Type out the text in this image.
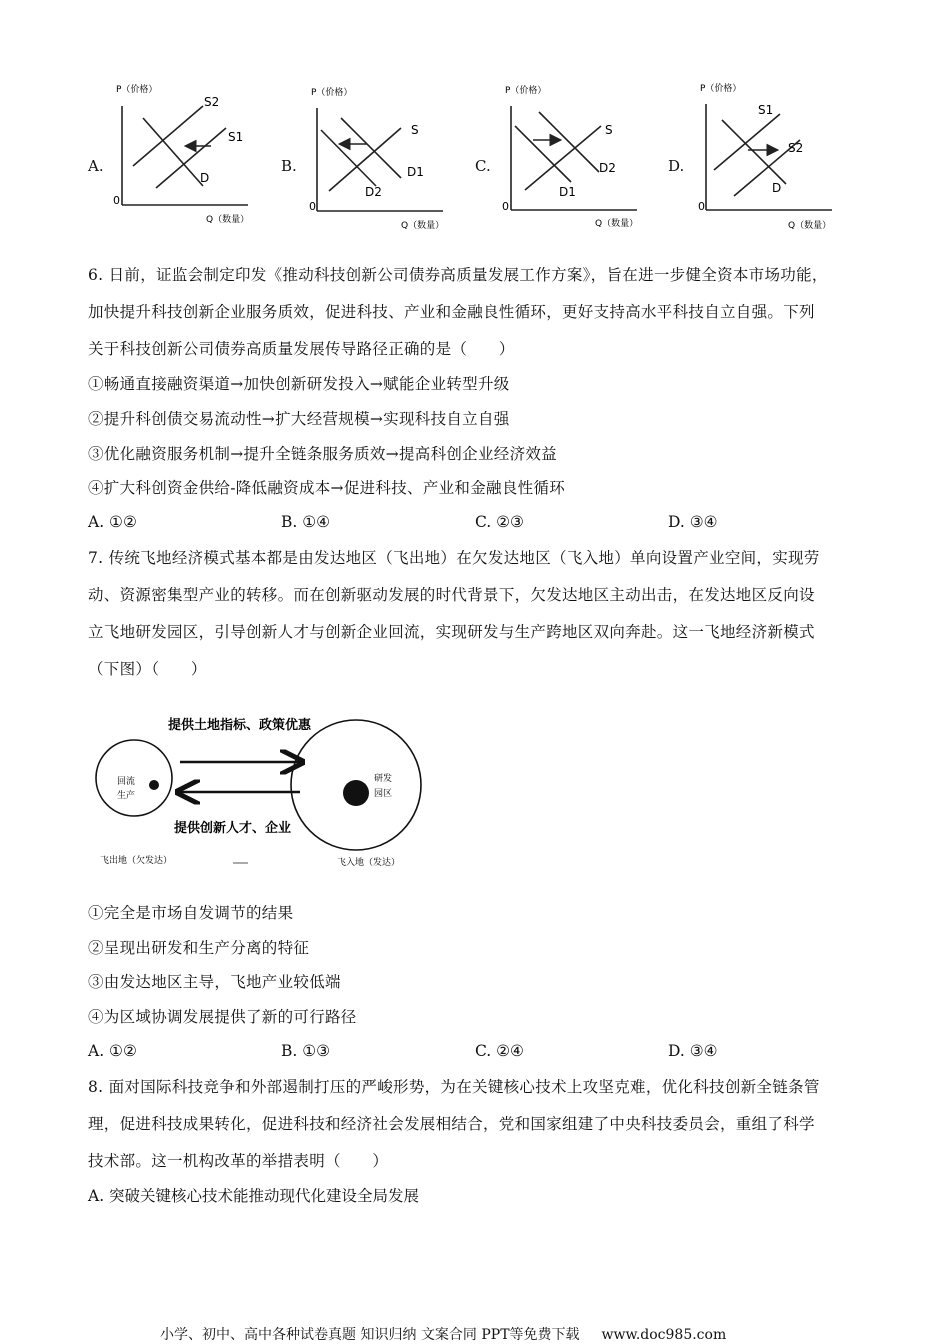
A.
P（价格）
0
Q（数量）
S2
S1
D
B.
P（价格）
0
Q（数量）
S
D1
D2
C.
P（价格）
0
Q（数量）
S
D2
D1
D.
P（价格）
0
Q（数量）
S1
S2
D
6. 日前，证监会制定印发《推动科技创新公司债券高质量发展工作方案》，旨在进一步健全资本市场功能，
加快提升科技创新企业服务质效，促进科技、产业和金融良性循环，更好支持高水平科技自立自强。下列
关于科技创新公司债券高质量发展传导路径正确的是（　　）
①畅通直接融资渠道→加快创新研发投入→赋能企业转型升级
②提升科创债交易流动性→扩大经营规模→实现科技自立自强
③优化融资服务机制→提升全链条服务质效→提高科创企业经济效益
④扩大科创资金供给-降低融资成本→促进科技、产业和金融良性循环
A. ①②	B. ①④	C. ②③	D. ③④
7. 传统飞地经济模式基本都是由发达地区（飞出地）在欠发达地区（飞入地）单向设置产业空间，实现劳
动、资源密集型产业的转移。而在创新驱动发展的时代背景下，欠发达地区主动出击，在发达地区反向设
立飞地研发园区，引导创新人才与创新企业回流，实现研发与生产跨地区双向奔赴。这一飞地经济新模式
（下图）（　　）
提供土地指标、政策优惠
提供创新人才、企业
回流
生产
研发
园区
飞出地（欠发达）	飞入地（发达）
①完全是市场自发调节的结果
②呈现出研发和生产分离的特征
③由发达地区主导，飞地产业较低端
④为区域协调发展提供了新的可行路径
A. ①②	B. ①③	C. ②④	D. ③④
8. 面对国际科技竞争和外部遏制打压的严峻形势，为在关键核心技术上攻坚克难，优化科技创新全链条管
理，促进科技成果转化，促进科技和经济社会发展相结合，党和国家组建了中央科技委员会，重组了科学
技术部。这一机构改革的举措表明（　　）
A. 突破关键核心技术能推动现代化建设全局发展
小学、初中、高中各种试卷真题 知识归纳 文案合同 PPT等免费下载 www.doc985.com
